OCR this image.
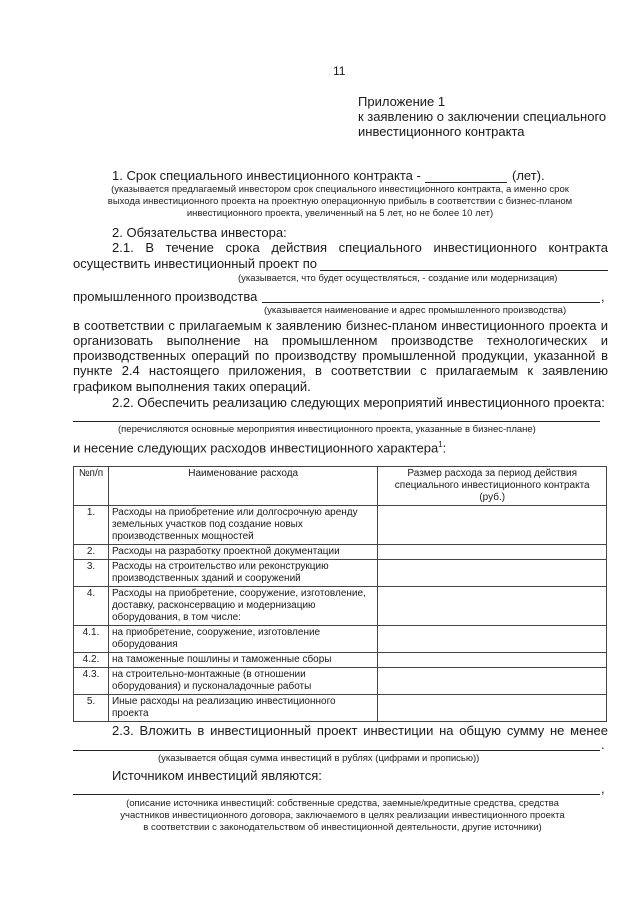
11
Приложение 1
к заявлению о заключении специального
инвестиционного контракта
1. Срок специального инвестиционного контракта -	(лет).
(указывается предлагаемый инвестором срок специального инвестиционного контракта, а именно срок
выхода инвестиционного проекта на проектную операционную прибыль в соответствии с бизнес-планом
инвестиционного проекта, увеличенный на 5 лет, но не более 10 лет)
2. Обязательства инвестора:
2.1. В течение срока действия специального инвестиционного контракта
осуществить инвестиционный проект по
(указывается, что будет осуществляться, - создание или модернизация)
промышленного производства	,
(указывается наименование и адрес промышленного производства)
в соответствии с прилагаемым к заявлению бизнес-планом инвестиционного проекта и
организовать выполнение на промышленном производстве технологических и
производственных операций по производству промышленной продукции, указанной в
пункте 2.4 настоящего приложения, в соответствии с прилагаемым к заявлению
графиком выполнения таких операций.
2.2. Обеспечить реализацию следующих мероприятий инвестиционного проекта:
(перечисляются основные мероприятия инвестиционного проекта, указанные в бизнес-плане)
и несение следующих расходов инвестиционного характера$^1$:
№п/п	Наименование расхода	Размер расхода за период действия
специального инвестиционного контракта
(руб.)

1.	Расходы на приобретение или долгосрочную аренду земельных участков под создание новых производственных мощностей	
2.	Расходы на разработку проектной документации	
3.	Расходы на строительство или реконструкцию производственных зданий и сооружений	
4.	Расходы на приобретение, сооружение, изготовление, доставку, расконсервацию и модернизацию оборудования, в том числе:	
4.1.	на приобретение, сооружение, изготовление оборудования	
4.2.	на таможенные пошлины и таможенные сборы	
4.3.	на строительно-монтажные (в отношении оборудования) и пусконаладочные работы	
5.	Иные расходы на реализацию инвестиционного проекта	
2.3. Вложить в инвестиционный проект инвестиции на общую сумму не менее
.
(указывается общая сумма инвестиций в рублях (цифрами и прописью))
Источником инвестиций являются:
,
(описание источника инвестиций: собственные средства, заемные/кредитные средства, средства
участников инвестиционного договора, заключаемого в целях реализации инвестиционного проекта
в соответствии с законодательством об инвестиционной деятельности, другие источники)
